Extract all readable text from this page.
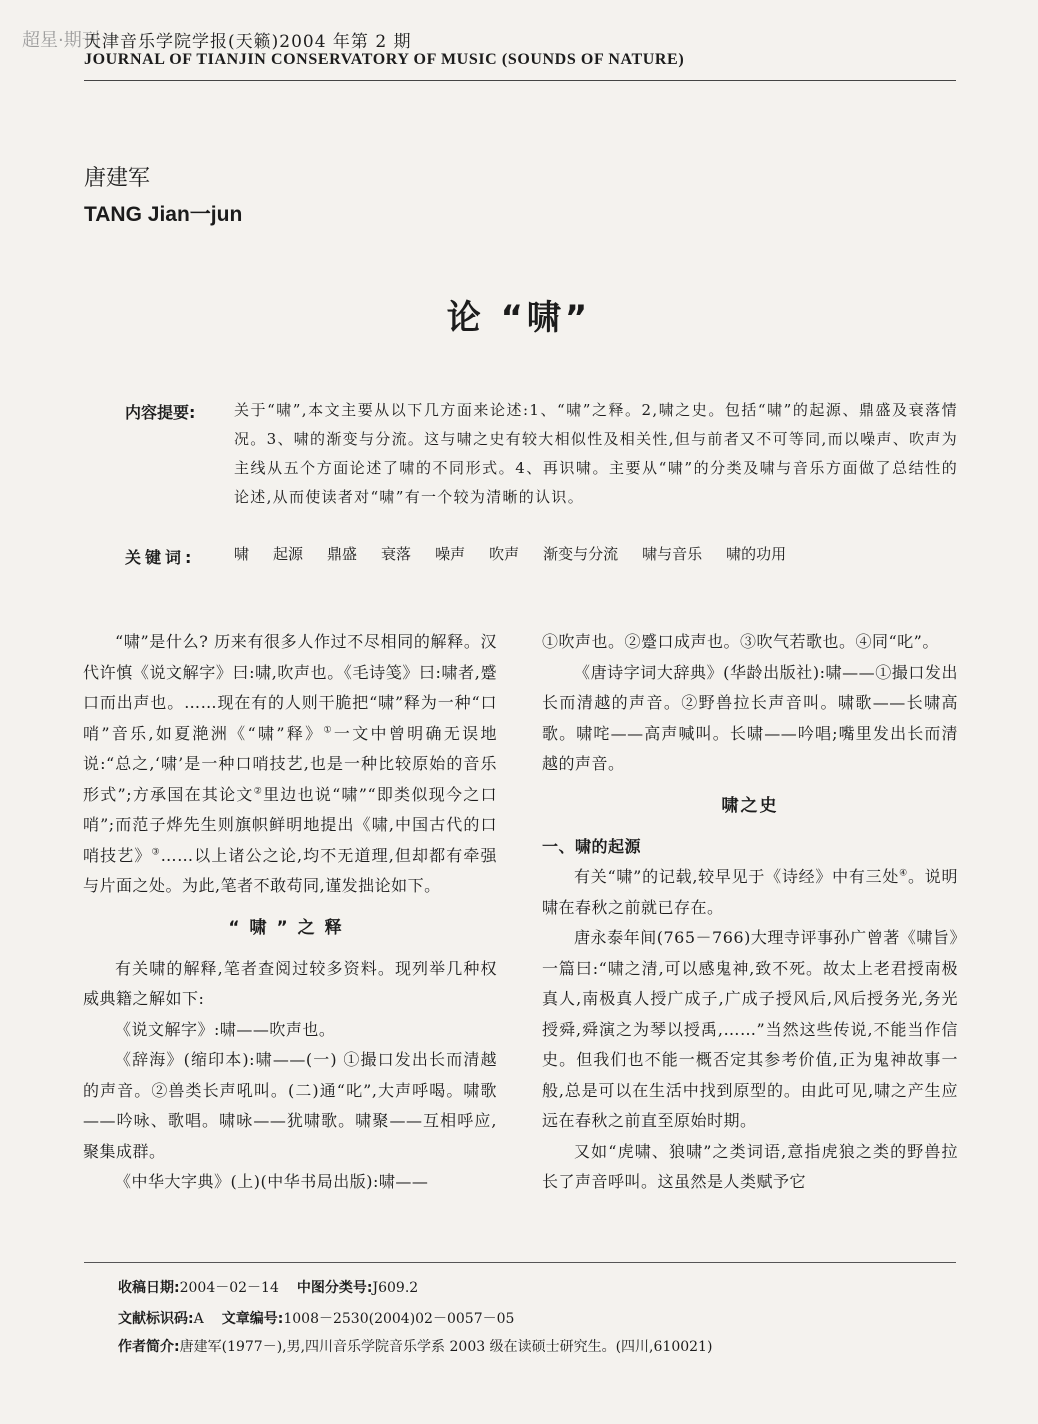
超星·期刊
天津音乐学院学报(天籁)2004 年第 2 期
JOURNAL OF TIANJIN CONSERVATORY OF MUSIC (SOUNDS OF NATURE)
唐建军
TANG Jian一jun
论 “啸”
内容提要:	关于“啸”,本文主要从以下几方面来论述:1、“啸”之释。2,啸之史。包括“啸”的起源、鼎盛及衰落情况。3、啸的渐变与分流。这与啸之史有较大相似性及相关性,但与前者又不可等同,而以噪声、吹声为主线从五个方面论述了啸的不同形式。4、再识啸。主要从“啸”的分类及啸与音乐方面做了总结性的论述,从而使读者对“啸”有一个较为清晰的认识。
关键词:	啸 起源 鼎盛 衰落 噪声 吹声 渐变与分流 啸与音乐 啸的功用

“啸”是什么? 历来有很多人作过不尽相同的解释。汉代许慎《说文解字》曰:啸,吹声也。《毛诗笺》曰:啸者,蹙口而出声也。……现在有的人则干脆把“啸”释为一种“口哨”音乐,如夏滟洲《“啸”释》①一文中曾明确无误地说:“总之,‘啸’是一种口哨技艺,也是一种比较原始的音乐形式”;方承国在其论文②里边也说“啸”“即类似现今之口哨”;而范子烨先生则旗帜鲜明地提出《啸,中国古代的口哨技艺》③……以上诸公之论,均不无道理,但却都有牵强与片面之处。为此,笔者不敢苟同,谨发拙论如下。

“啸”之释

有关啸的解释,笔者查阅过较多资料。现列举几种权威典籍之解如下:

《说文解字》:啸——吹声也。

《辞海》(缩印本):啸——(一) ①撮口发出长而清越的声音。②兽类长声吼叫。(二)通“叱”,大声呼喝。啸歌——吟咏、歌唱。啸咏——犹啸歌。啸聚——互相呼应,聚集成群。

《中华大字典》(上)(中华书局出版):啸——

①吹声也。②蹙口成声也。③吹气若歌也。④同“叱”。

《唐诗字词大辞典》(华龄出版社):啸——①撮口发出长而清越的声音。②野兽拉长声音叫。啸歌——长啸高歌。啸咤——高声喊叫。长啸——吟唱;嘴里发出长而清越的声音。

啸之史
一、啸的起源

有关“啸”的记载,较早见于《诗经》中有三处④。说明啸在春秋之前就已存在。

唐永泰年间(765－766)大理寺评事孙广曾著《啸旨》一篇曰:“啸之清,可以感鬼神,致不死。故太上老君授南极真人,南极真人授广成子,广成子授风后,风后授务光,务光授舜,舜演之为琴以授禹,……”当然这些传说,不能当作信史。但我们也不能一概否定其参考价值,正为鬼神故事一般,总是可以在生活中找到原型的。由此可见,啸之产生应远在春秋之前直至原始时期。

又如“虎啸、狼啸”之类词语,意指虎狼之类的野兽拉长了声音呼叫。这虽然是人类赋予它

收稿日期:2004－02－14 中图分类号:J609.2
文献标识码:A 文章编号:1008－2530(2004)02－0057－05
作者简介:唐建军(1977－),男,四川音乐学院音乐学系 2003 级在读硕士研究生。(四川,610021)
